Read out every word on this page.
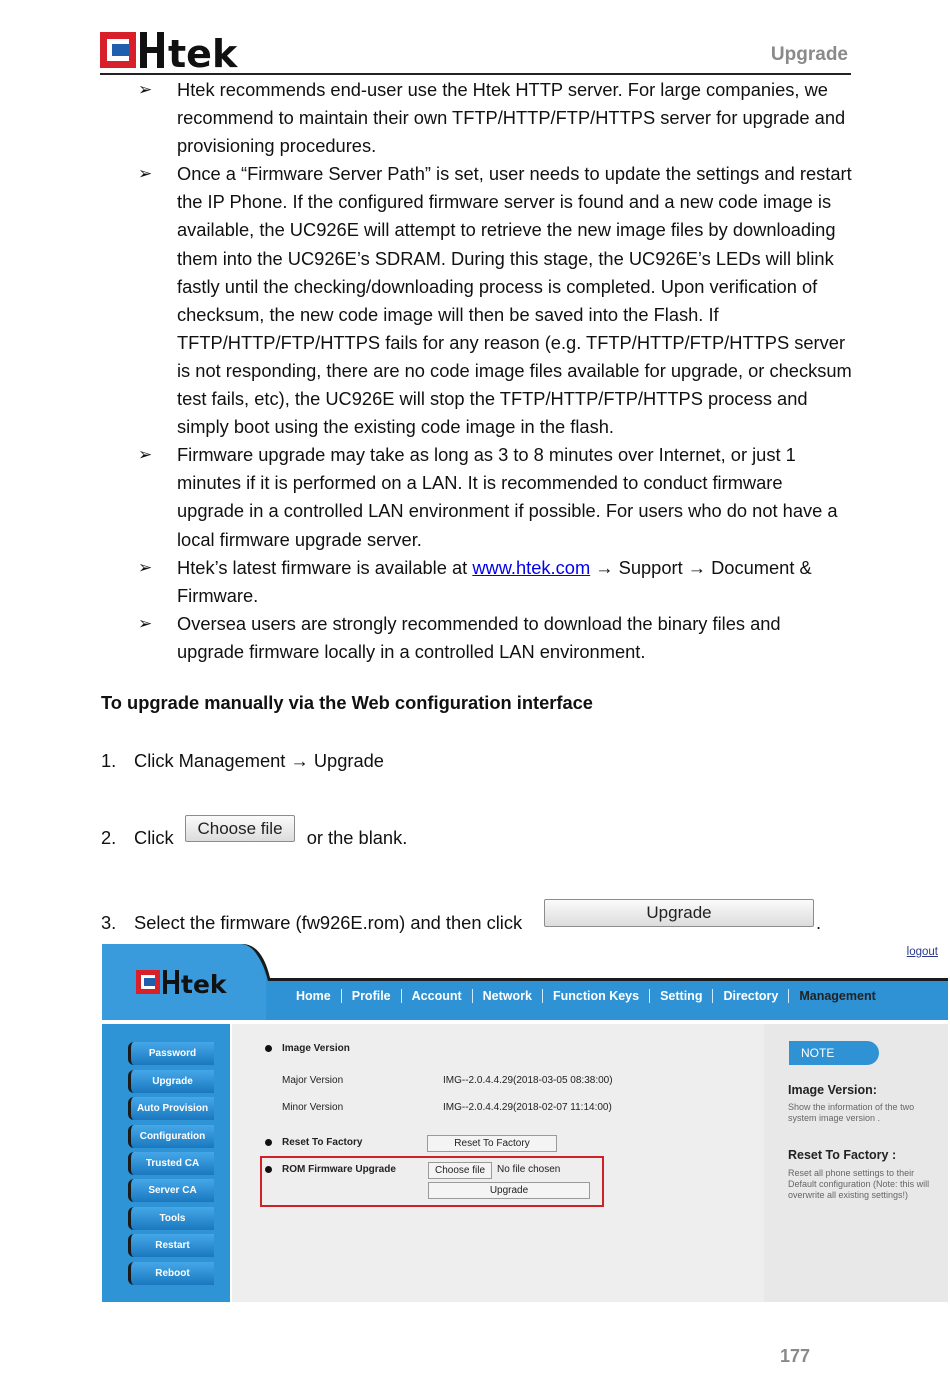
tek	Upgrade
➢ Htek recommends end-user use the Htek HTTP server. For large companies, we recommend to maintain their own TFTP/HTTP/FTP/HTTPS server for upgrade and provisioning procedures.
➢ Once a “Firmware Server Path” is set, user needs to update the settings and restart the IP Phone. If the configured firmware server is found and a new code image is available, the UC926E will attempt to retrieve the new image files by downloading them into the UC926E’s SDRAM. During this stage, the UC926E’s LEDs will blink fastly until the checking/downloading process is completed. Upon verification of checksum, the new code image will then be saved into the Flash. If TFTP/HTTP/FTP/HTTPS fails for any reason (e.g. TFTP/HTTP/FTP/HTTPS server is not responding, there are no code image files available for upgrade, or checksum test fails, etc), the UC926E will stop the TFTP/HTTP/FTP/HTTPS process and simply boot using the existing code image in the flash.
➢ Firmware upgrade may take as long as 3 to 8 minutes over Internet, or just 1 minutes if it is performed on a LAN. It is recommended to conduct firmware upgrade in a controlled LAN environment if possible. For users who do not have a local firmware upgrade server.
➢ Htek’s latest firmware is available at www.htek.com → Support → Document & Firmware.
➢ Oversea users are strongly recommended to download the binary files and upgrade firmware locally in a controlled LAN environment.
To upgrade manually via the Web configuration interface
1. Click Management → Upgrade
2. Click	or the blank.
Choose file
3. Select the firmware (fw926E.rom) and then click	Upgrade	.
tek
logout
Home	Profile	Account	Network	Function Keys	Setting	Directory	Management
Password
Upgrade
Auto Provision
Configuration
Trusted CA
Server CA
Tools
Restart
Reboot
Image Version
Major Version	IMG--2.0.4.4.29(2018-03-05 08:38:00)
Minor Version	IMG--2.0.4.4.29(2018-02-07 11:14:00)
Reset To Factory	Reset To Factory
ROM Firmware Upgrade	Choose file	No file chosen
Upgrade
NOTE
Image Version:
Show the information of the two system image version .
Reset To Factory :
Reset all phone settings to their Default configuration (Note: this will overwrite all existing settings!)
177
